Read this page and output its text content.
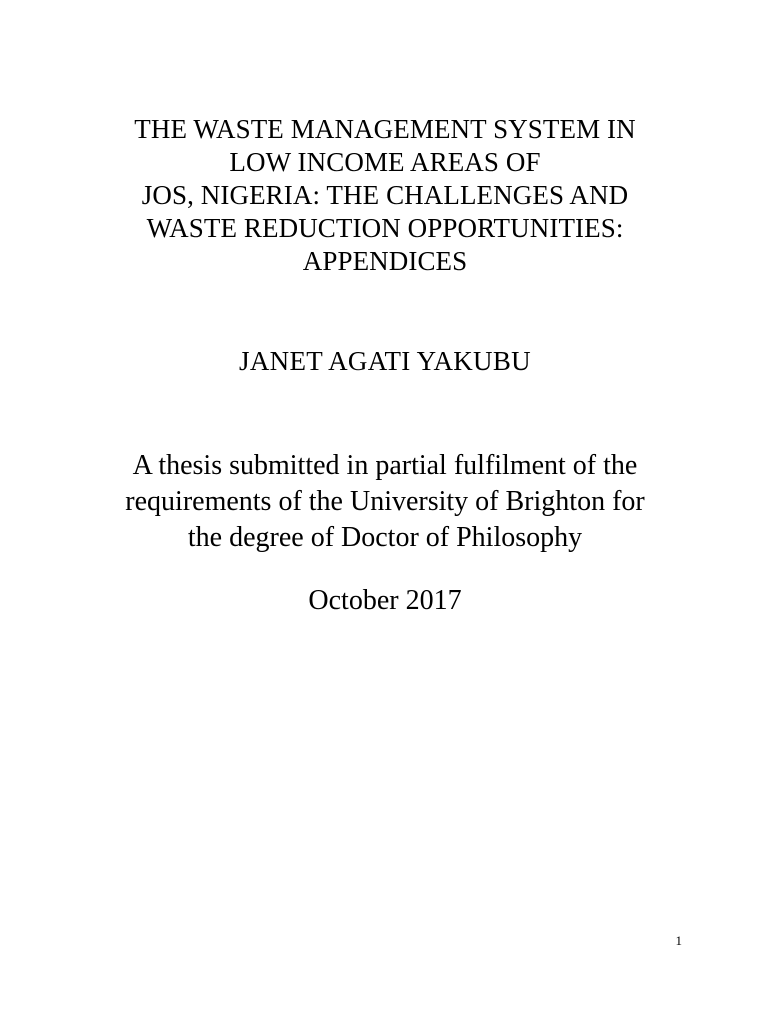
THE WASTE MANAGEMENT SYSTEM IN
LOW INCOME AREAS OF
JOS, NIGERIA: THE CHALLENGES AND
WASTE REDUCTION OPPORTUNITIES:
APPENDICES
JANET AGATI YAKUBU
A thesis submitted in partial fulfilment of the
requirements of the University of Brighton for
the degree of Doctor of Philosophy
October 2017
1
